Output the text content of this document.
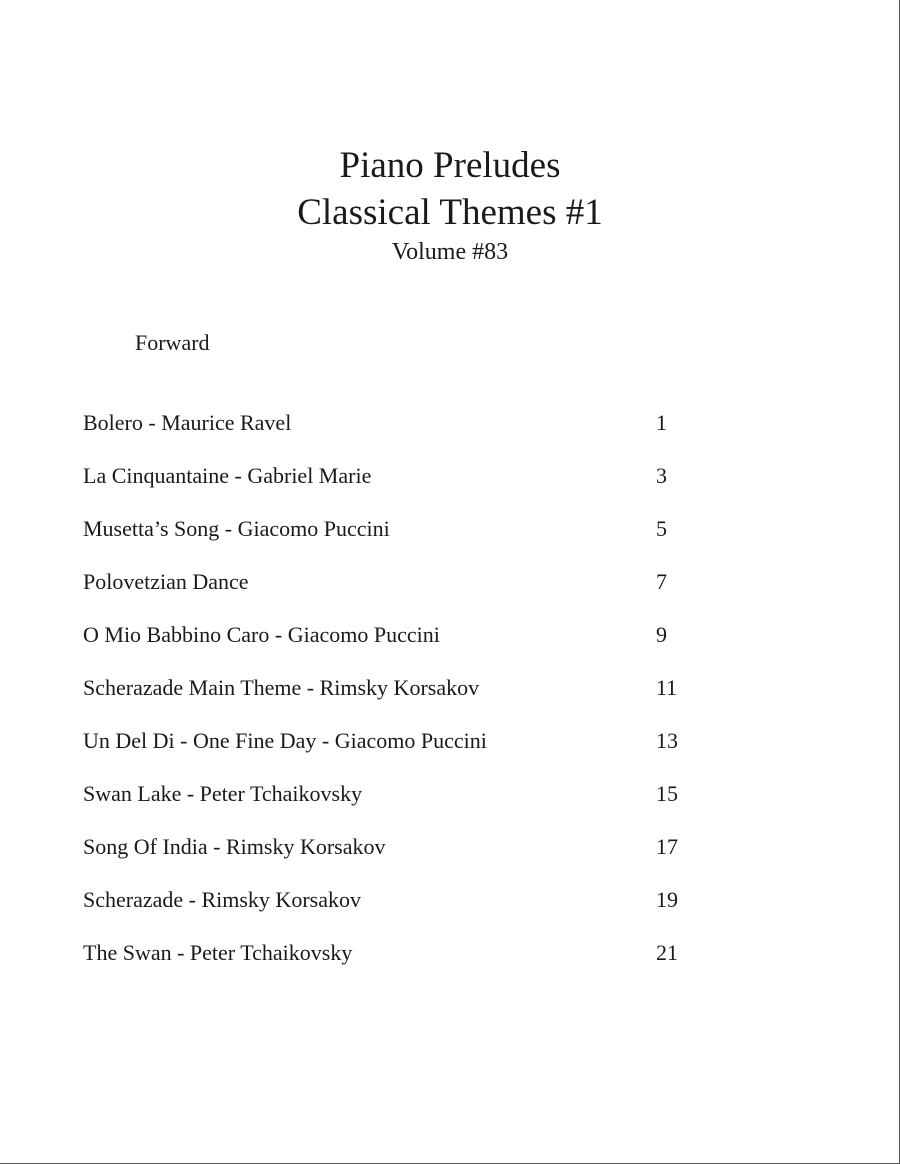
Piano Preludes
Classical Themes #1
Volume #83
Forward
Bolero - Maurice Ravel	1
La Cinquantaine - Gabriel Marie	3
Musetta’s Song - Giacomo Puccini	5
Polovetzian Dance	7
O Mio Babbino Caro - Giacomo Puccini	9
Scherazade Main Theme - Rimsky Korsakov	11
Un Del Di - One Fine Day - Giacomo Puccini	13
Swan Lake - Peter Tchaikovsky	15
Song Of India - Rimsky Korsakov	17
Scherazade - Rimsky Korsakov	19
The Swan - Peter Tchaikovsky	21
